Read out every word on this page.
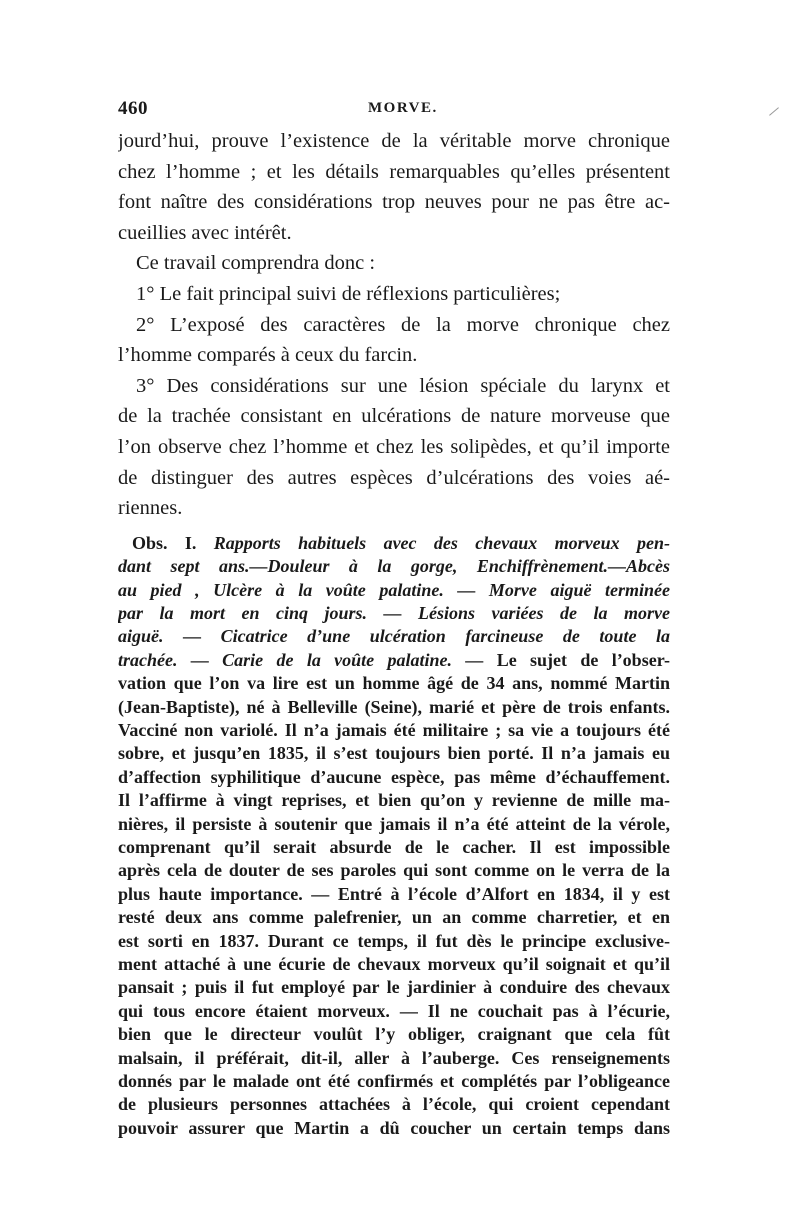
460	MORVE.
jourd’hui, prouve l’existence de la véritable morve chronique
chez l’homme ; et les détails remarquables qu’elles présentent
font naître des considérations trop neuves pour ne pas être ac-
cueillies avec intérêt.
Ce travail comprendra donc :
1° Le fait principal suivi de réflexions particulières;
2° L’exposé des caractères de la morve chronique chez
l’homme comparés à ceux du farcin.
3° Des considérations sur une lésion spéciale du larynx et
de la trachée consistant en ulcérations de nature morveuse que
l’on observe chez l’homme et chez les solipèdes, et qu’il importe
de distinguer des autres espèces d’ulcérations des voies aé-
riennes.
Obs. I. Rapports habituels avec des chevaux morveux pen-
dant sept ans.—Douleur à la gorge, Enchiffrènement.—Abcès
au pied , Ulcère à la voûte palatine. — Morve aiguë terminée
par la mort en cinq jours. — Lésions variées de la morve
aiguë. — Cicatrice d’une ulcération farcineuse de toute la
trachée. — Carie de la voûte palatine. — Le sujet de l’obser-
vation que l’on va lire est un homme âgé de 34 ans, nommé Martin
(Jean-Baptiste), né à Belleville (Seine), marié et père de trois enfants.
Vacciné non variolé. Il n’a jamais été militaire ; sa vie a toujours été
sobre, et jusqu’en 1835, il s’est toujours bien porté. Il n’a jamais eu
d’affection syphilitique d’aucune espèce, pas même d’échauffement.
Il l’affirme à vingt reprises, et bien qu’on y revienne de mille ma-
nières, il persiste à soutenir que jamais il n’a été atteint de la vérole,
comprenant qu’il serait absurde de le cacher. Il est impossible
après cela de douter de ses paroles qui sont comme on le verra de la
plus haute importance. — Entré à l’école d’Alfort en 1834, il y est
resté deux ans comme palefrenier, un an comme charretier, et en
est sorti en 1837. Durant ce temps, il fut dès le principe exclusive-
ment attaché à une écurie de chevaux morveux qu’il soignait et qu’il
pansait ; puis il fut employé par le jardinier à conduire des chevaux
qui tous encore étaient morveux. — Il ne couchait pas à l’écurie,
bien que le directeur voulût l’y obliger, craignant que cela fût
malsain, il préférait, dit-il, aller à l’auberge. Ces renseignements
donnés par le malade ont été confirmés et complétés par l’obligeance
de plusieurs personnes attachées à l’école, qui croient cependant
pouvoir assurer que Martin a dû coucher un certain temps dans
